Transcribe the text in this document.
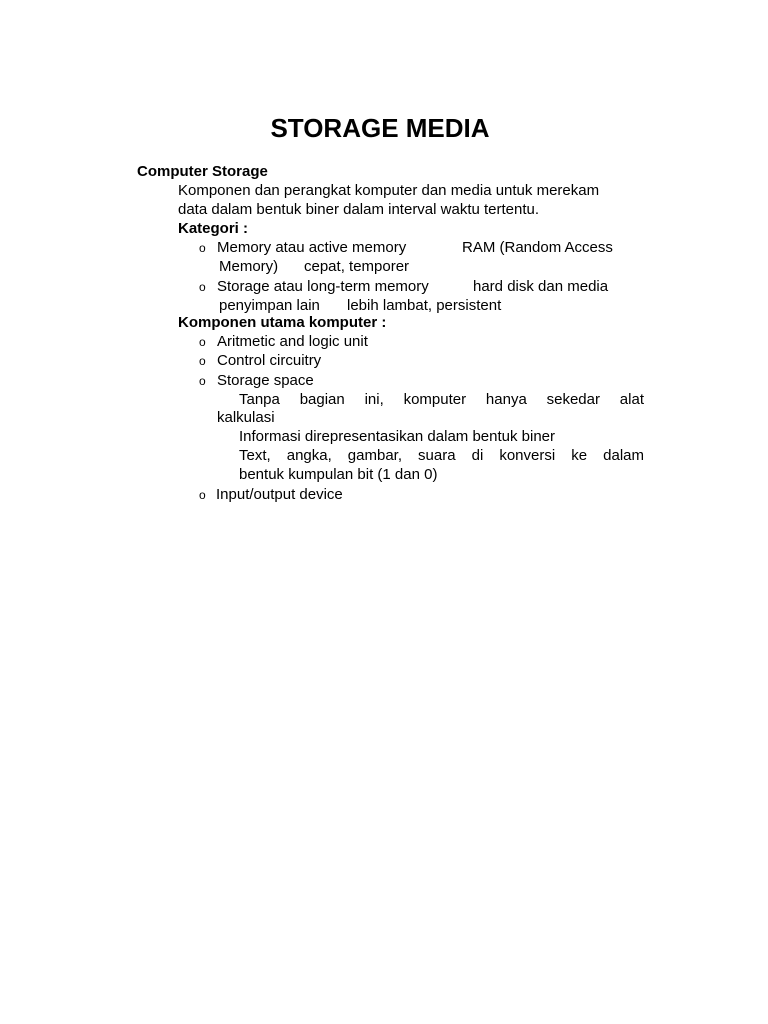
STORAGE MEDIA
Computer Storage
Komponen dan perangkat komputer dan media untuk merekam
data dalam bentuk biner dalam interval waktu tertentu.
Kategori :
o Memory atau active memory	RAM (Random Access
Memory) cepat, temporer
o Storage atau long-term memory	hard disk dan media
penyimpan lain lebih lambat, persistent
Komponen utama komputer :
o Aritmetic and logic unit
o Control circuitry
o Storage space
Tanpa bagian ini, komputer hanya sekedar alat
kalkulasi
Informasi direpresentasikan dalam bentuk biner
Text, angka, gambar, suara di konversi ke dalam
bentuk kumpulan bit (1 dan 0)
o Input/output device
